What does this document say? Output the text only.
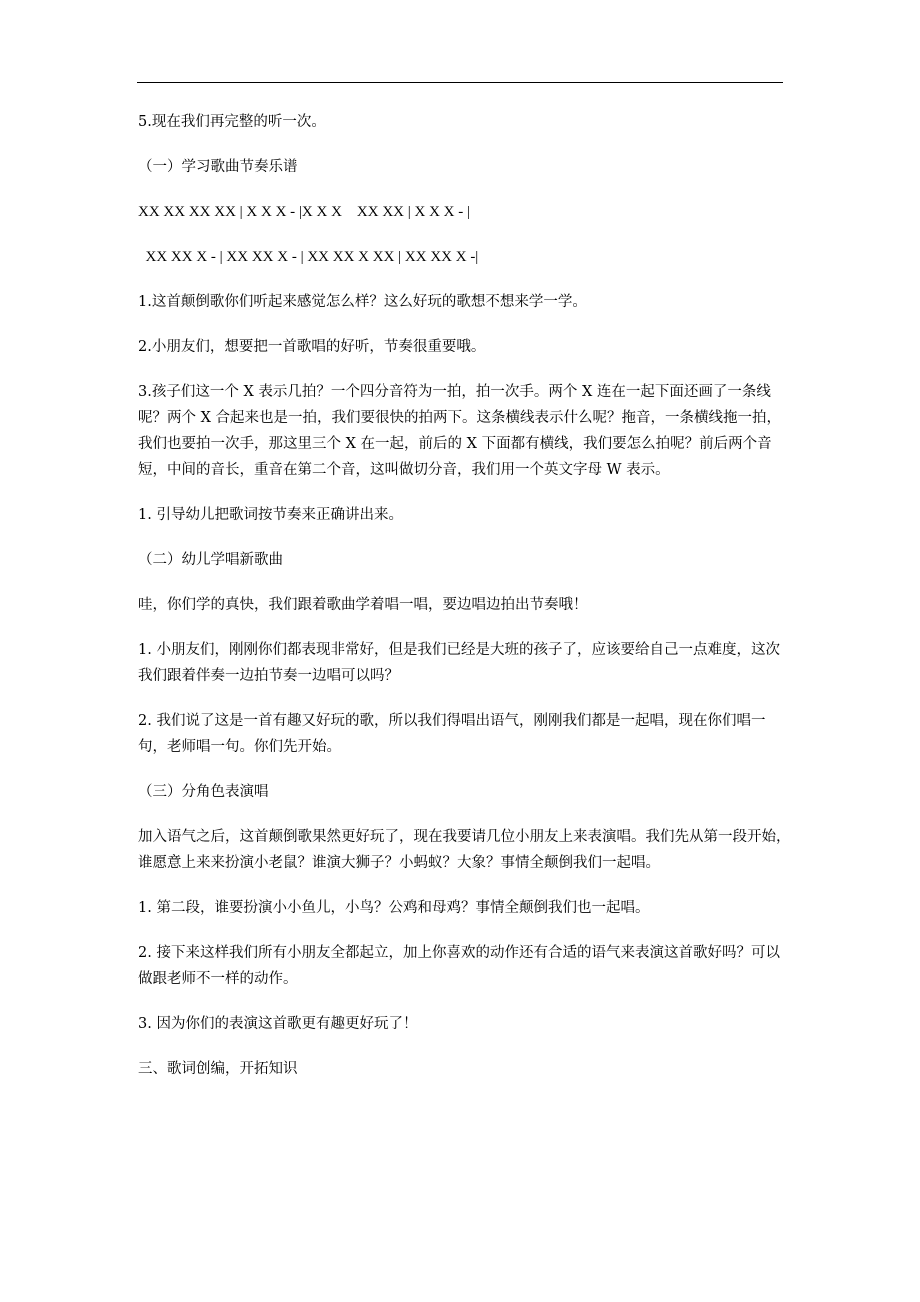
5.现在我们再完整的听一次。

（一）学习歌曲节奏乐谱

XX XX XX XX | X X X - |X X X    XX XX | X X X - |

XX XX X - | XX XX X - | XX XX X XX | XX XX X -|

1.这首颠倒歌你们听起来感觉怎么样？这么好玩的歌想不想来学一学。

2.小朋友们，想要把一首歌唱的好听，节奏很重要哦。

3.孩子们这一个 X 表示几拍？一个四分音符为一拍，拍一次手。两个 X 连在一起下面还画了一条线呢？两个 X 合起来也是一拍，我们要很快的拍两下。这条横线表示什么呢？拖音，一条横线拖一拍，我们也要拍一次手，那这里三个 X 在一起，前后的 X 下面都有横线，我们要怎么拍呢？前后两个音短，中间的音长，重音在第二个音，这叫做切分音，我们用一个英文字母 W 表示。

1. 引导幼儿把歌词按节奏来正确讲出来。

（二）幼儿学唱新歌曲

哇，你们学的真快，我们跟着歌曲学着唱一唱，要边唱边拍出节奏哦！

1. 小朋友们，刚刚你们都表现非常好，但是我们已经是大班的孩子了，应该要给自己一点难度，这次我们跟着伴奏一边拍节奏一边唱可以吗？

2. 我们说了这是一首有趣又好玩的歌，所以我们得唱出语气，刚刚我们都是一起唱，现在你们唱一句，老师唱一句。你们先开始。

（三）分角色表演唱

加入语气之后，这首颠倒歌果然更好玩了，现在我要请几位小朋友上来表演唱。我们先从第一段开始，谁愿意上来来扮演小老鼠？谁演大狮子？小蚂蚁？大象？事情全颠倒我们一起唱。

1. 第二段，谁要扮演小小鱼儿，小鸟？公鸡和母鸡？事情全颠倒我们也一起唱。

2. 接下来这样我们所有小朋友全都起立，加上你喜欢的动作还有合适的语气来表演这首歌好吗？可以做跟老师不一样的动作。

3. 因为你们的表演这首歌更有趣更好玩了！

三、歌词创编，开拓知识
